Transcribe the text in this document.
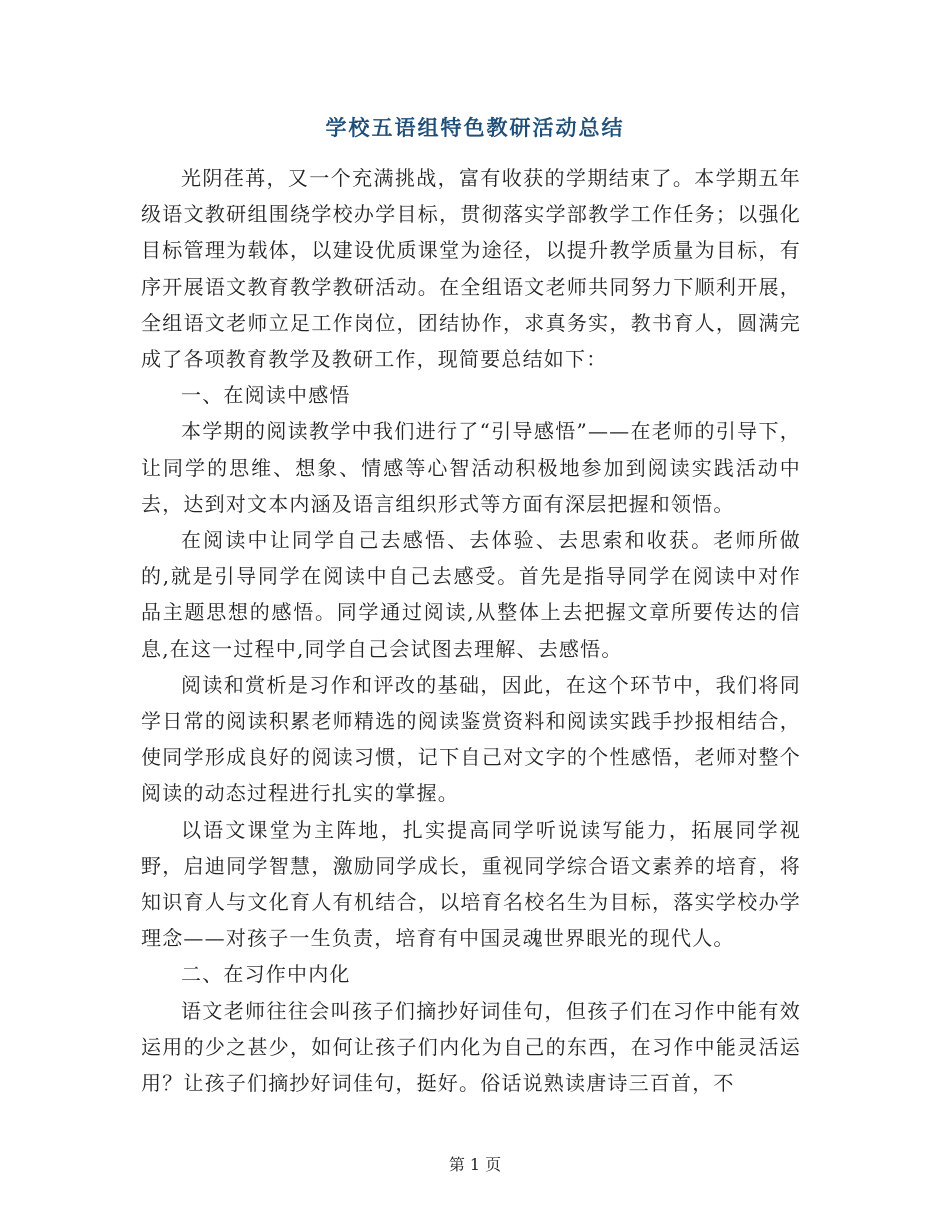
学校五语组特色教研活动总结

光阴荏苒，又一个充满挑战，富有收获的学期结束了。本学期五年级语文教研组围绕学校办学目标，贯彻落实学部教学工作任务；以强化目标管理为载体，以建设优质课堂为途径，以提升教学质量为目标，有序开展语文教育教学教研活动。在全组语文老师共同努力下顺利开展，全组语文老师立足工作岗位，团结协作，求真务实，教书育人，圆满完成了各项教育教学及教研工作，现简要总结如下：

一、在阅读中感悟

本学期的阅读教学中我们进行了“引导感悟”——在老师的引导下，让同学的思维、想象、情感等心智活动积极地参加到阅读实践活动中去，达到对文本内涵及语言组织形式等方面有深层把握和领悟。

在阅读中让同学自己去感悟、去体验、去思索和收获。老师所做的,就是引导同学在阅读中自己去感受。首先是指导同学在阅读中对作品主题思想的感悟。同学通过阅读,从整体上去把握文章所要传达的信息,在这一过程中,同学自己会试图去理解、去感悟。

阅读和赏析是习作和评改的基础，因此，在这个环节中，我们将同学日常的阅读积累老师精选的阅读鉴赏资料和阅读实践手抄报相结合，使同学形成良好的阅读习惯，记下自己对文字的个性感悟，老师对整个阅读的动态过程进行扎实的掌握。

以语文课堂为主阵地，扎实提高同学听说读写能力，拓展同学视野，启迪同学智慧，激励同学成长，重视同学综合语文素养的培育，将知识育人与文化育人有机结合，以培育名校名生为目标，落实学校办学理念——对孩子一生负责，培育有中国灵魂世界眼光的现代人。

二、在习作中内化

语文老师往往会叫孩子们摘抄好词佳句，但孩子们在习作中能有效运用的少之甚少，如何让孩子们内化为自己的东西，在习作中能灵活运用？让孩子们摘抄好词佳句，挺好。俗话说熟读唐诗三百首，不

第 1 页
